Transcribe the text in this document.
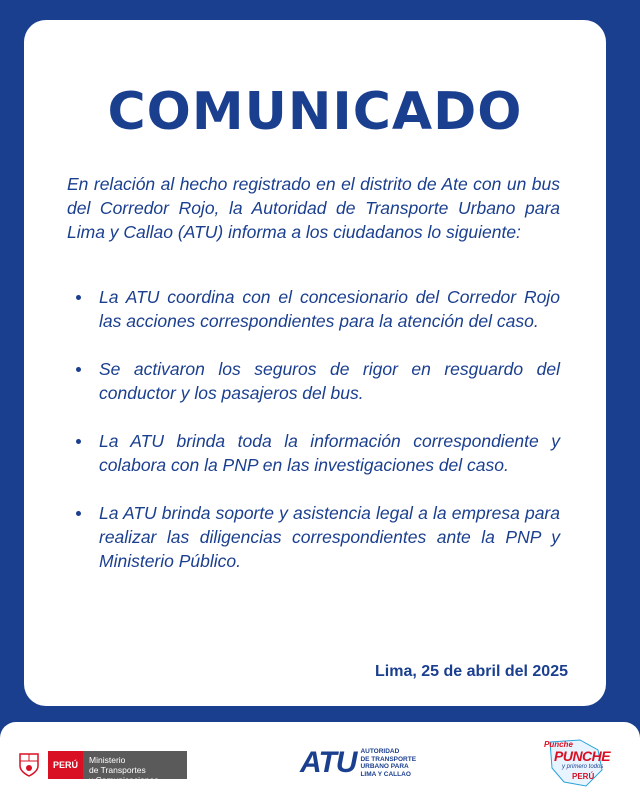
COMUNICADO

En relación al hecho registrado en el distrito de Ate con un bus del Corredor Rojo, la Autoridad de Transporte Urbano para Lima y Callao (ATU) informa a los ciudadanos lo siguiente:

La ATU coordina con el concesionario del Corredor Rojo las acciones correspondientes para la atención del caso.
Se activaron los seguros de rigor en resguardo del conductor y los pasajeros del bus.
La ATU brinda toda la información correspondiente y colabora con la PNP en las investigaciones del caso.
La ATU brinda soporte y asistencia legal a la empresa para realizar las diligencias correspondientes ante la PNP y Ministerio Público.

Lima, 25 de abril del 2025

PERÚ	Ministerio
de Transportes
y Comunicaciones
ATU AUTORIDAD
DE TRANSPORTE
URBANO PARA
LIMA Y CALLAO
Punche
PUNCHE
y primero todos
PERÚ
